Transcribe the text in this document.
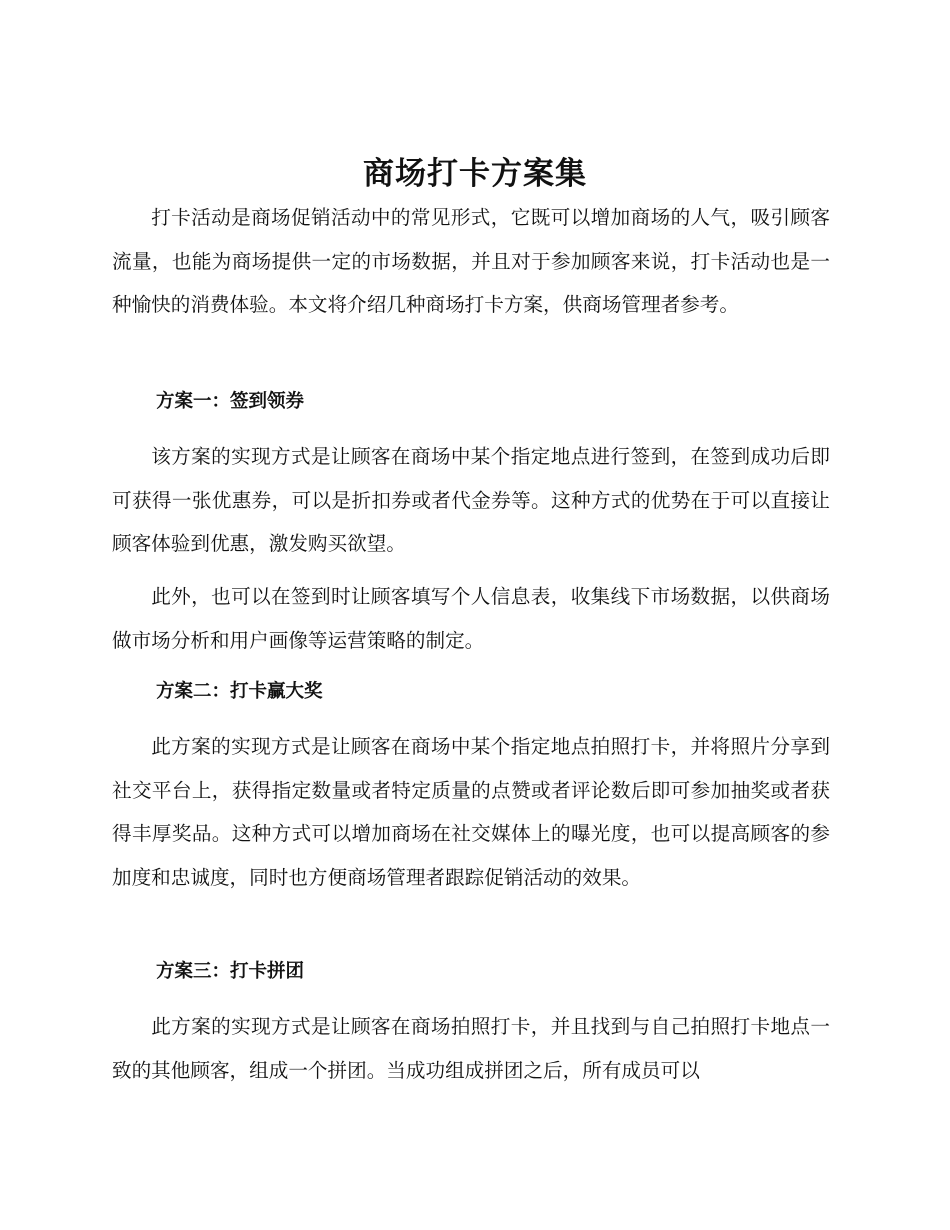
商场打卡方案集

打卡活动是商场促销活动中的常见形式，它既可以增加商场的人气，吸引顾客流量，也能为商场提供一定的市场数据，并且对于参加顾客来说，打卡活动也是一种愉快的消费体验。本文将介绍几种商场打卡方案，供商场管理者参考。

方案一：签到领券

该方案的实现方式是让顾客在商场中某个指定地点进行签到，在签到成功后即可获得一张优惠券，可以是折扣券或者代金券等。这种方式的优势在于可以直接让顾客体验到优惠，激发购买欲望。

此外，也可以在签到时让顾客填写个人信息表，收集线下市场数据，以供商场做市场分析和用户画像等运营策略的制定。

方案二：打卡赢大奖

此方案的实现方式是让顾客在商场中某个指定地点拍照打卡，并将照片分享到社交平台上，获得指定数量或者特定质量的点赞或者评论数后即可参加抽奖或者获得丰厚奖品。这种方式可以增加商场在社交媒体上的曝光度，也可以提高顾客的参加度和忠诚度，同时也方便商场管理者跟踪促销活动的效果。

方案三：打卡拼团

此方案的实现方式是让顾客在商场拍照打卡，并且找到与自己拍照打卡地点一致的其他顾客，组成一个拼团。当成功组成拼团之后，所有成员可以
